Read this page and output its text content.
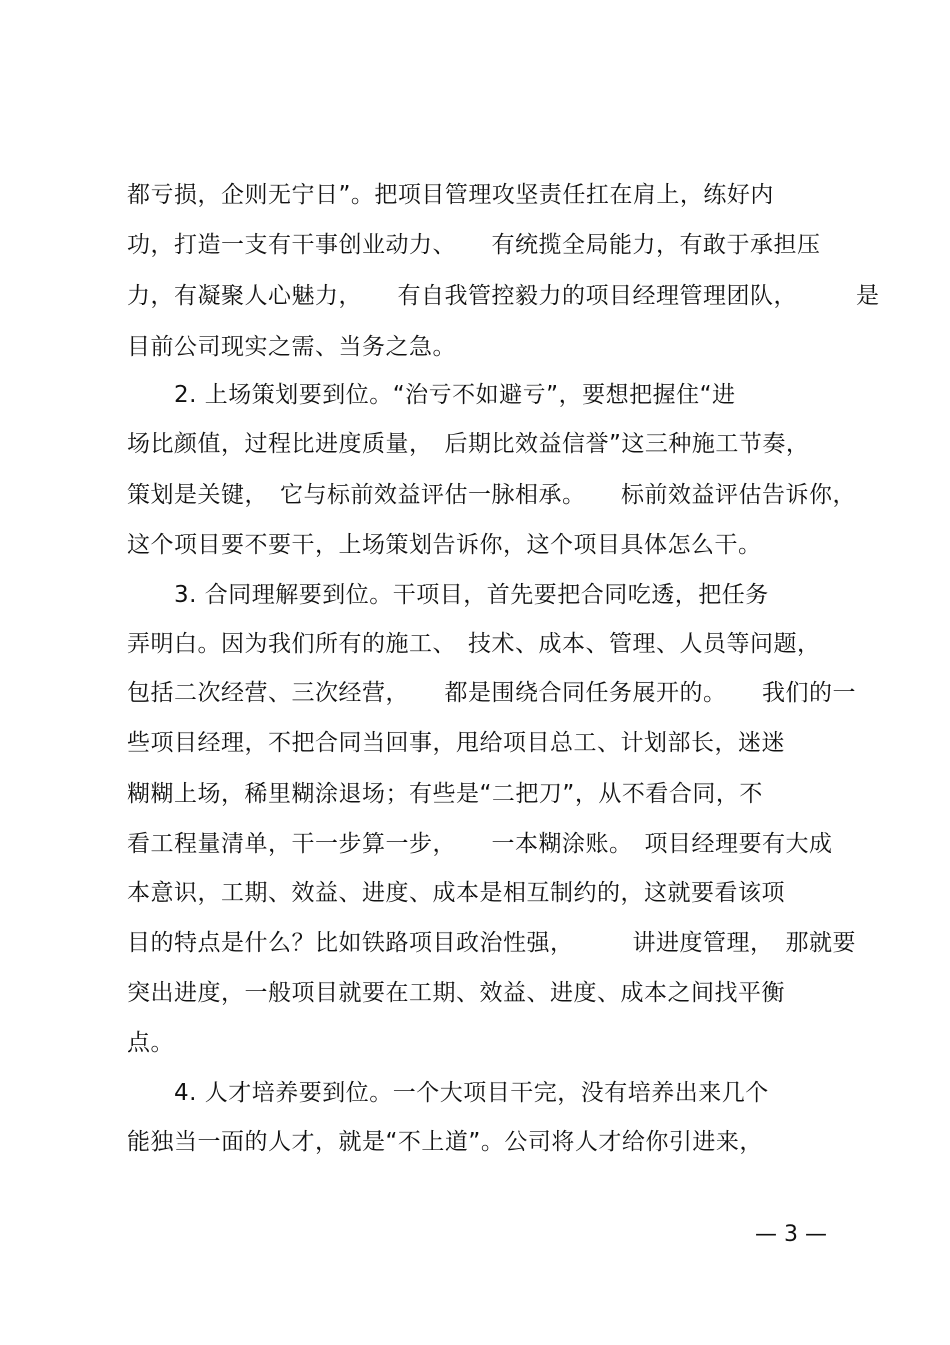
都亏损，企则无宁日”。把项目管理攻坚责任扛在肩上，练好内
功，打造一支有干事创业动力、　　有统揽全局能力，有敢于承担压
力，有凝聚人心魅力，　　有自我管控毅力的项目经理管理团队，　　　是
目前公司现实之需、当务之急。
　　2. 上场策划要到位。“治亏不如避亏”，要想把握住“进
场比颜值，过程比进度质量，　后期比效益信誉”这三种施工节奏，
策划是关键，　它与标前效益评估一脉相承。　　标前效益评估告诉你，
这个项目要不要干，上场策划告诉你，这个项目具体怎么干。
　　3. 合同理解要到位。干项目，首先要把合同吃透，把任务
弄明白。因为我们所有的施工、　技术、成本、管理、人员等问题，
包括二次经营、三次经营，　　都是围绕合同任务展开的。　　我们的一
些项目经理，不把合同当回事，甩给项目总工、计划部长，迷迷
糊糊上场，稀里糊涂退场；有些是“二把刀”，从不看合同，不
看工程量清单，干一步算一步，　　一本糊涂账。　项目经理要有大成
本意识，工期、效益、进度、成本是相互制约的，这就要看该项
目的特点是什么？比如铁路项目政治性强，　　　讲进度管理，　那就要
突出进度，一般项目就要在工期、效益、进度、成本之间找平衡
点。
　　4. 人才培养要到位。一个大项目干完，没有培养出来几个
能独当一面的人才，就是“不上道”。公司将人才给你引进来，
— 3 —
